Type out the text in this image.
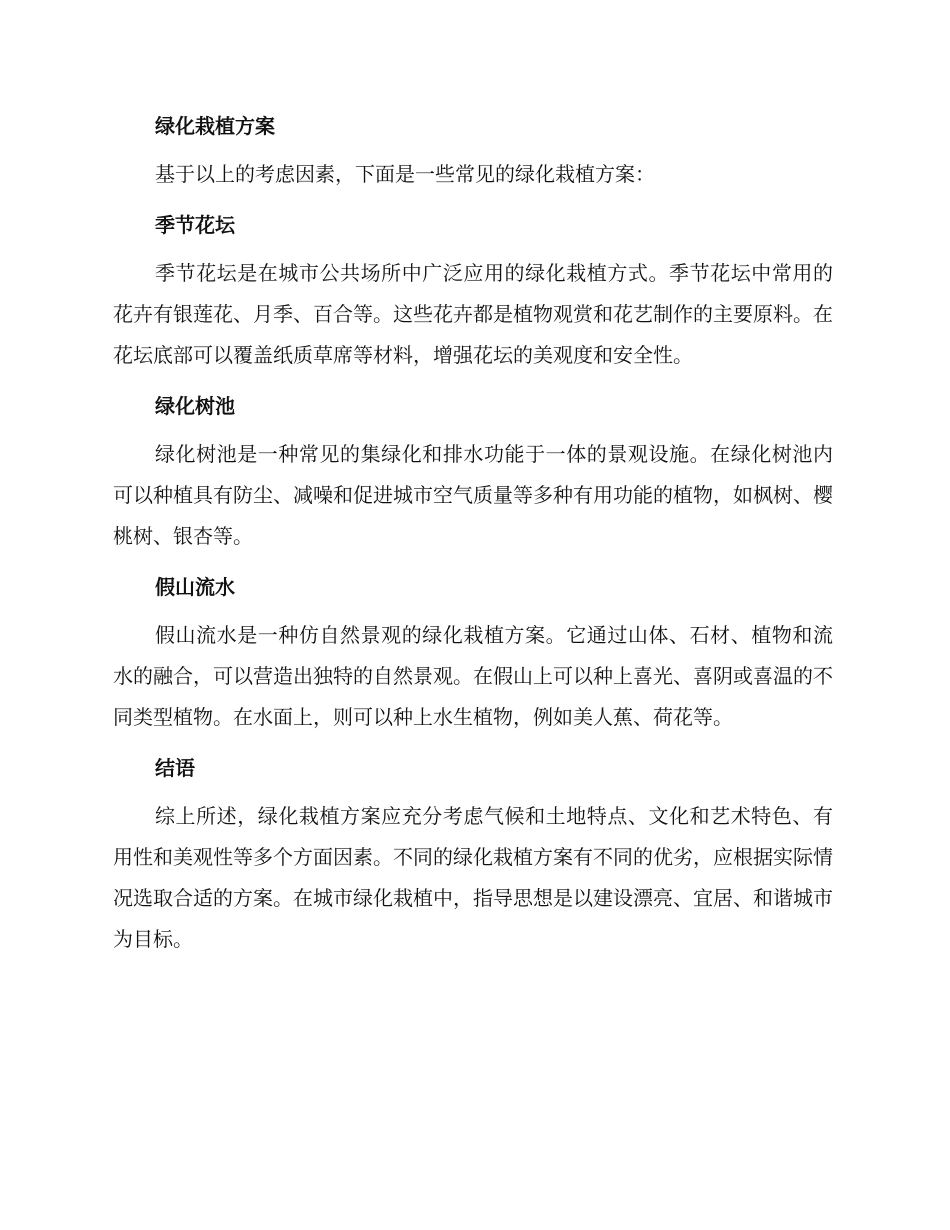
绿化栽植方案

基于以上的考虑因素，下面是一些常见的绿化栽植方案：

季节花坛

季节花坛是在城市公共场所中广泛应用的绿化栽植方式。季节花坛中常用的花卉有银莲花、月季、百合等。这些花卉都是植物观赏和花艺制作的主要原料。在花坛底部可以覆盖纸质草席等材料，增强花坛的美观度和安全性。

绿化树池

绿化树池是一种常见的集绿化和排水功能于一体的景观设施。在绿化树池内可以种植具有防尘、减噪和促进城市空气质量等多种有用功能的植物，如枫树、樱桃树、银杏等。

假山流水

假山流水是一种仿自然景观的绿化栽植方案。它通过山体、石材、植物和流水的融合，可以营造出独特的自然景观。在假山上可以种上喜光、喜阴或喜温的不同类型植物。在水面上，则可以种上水生植物，例如美人蕉、荷花等。

结语

综上所述，绿化栽植方案应充分考虑气候和土地特点、文化和艺术特色、有用性和美观性等多个方面因素。不同的绿化栽植方案有不同的优劣，应根据实际情况选取合适的方案。在城市绿化栽植中，指导思想是以建设漂亮、宜居、和谐城市为目标。
